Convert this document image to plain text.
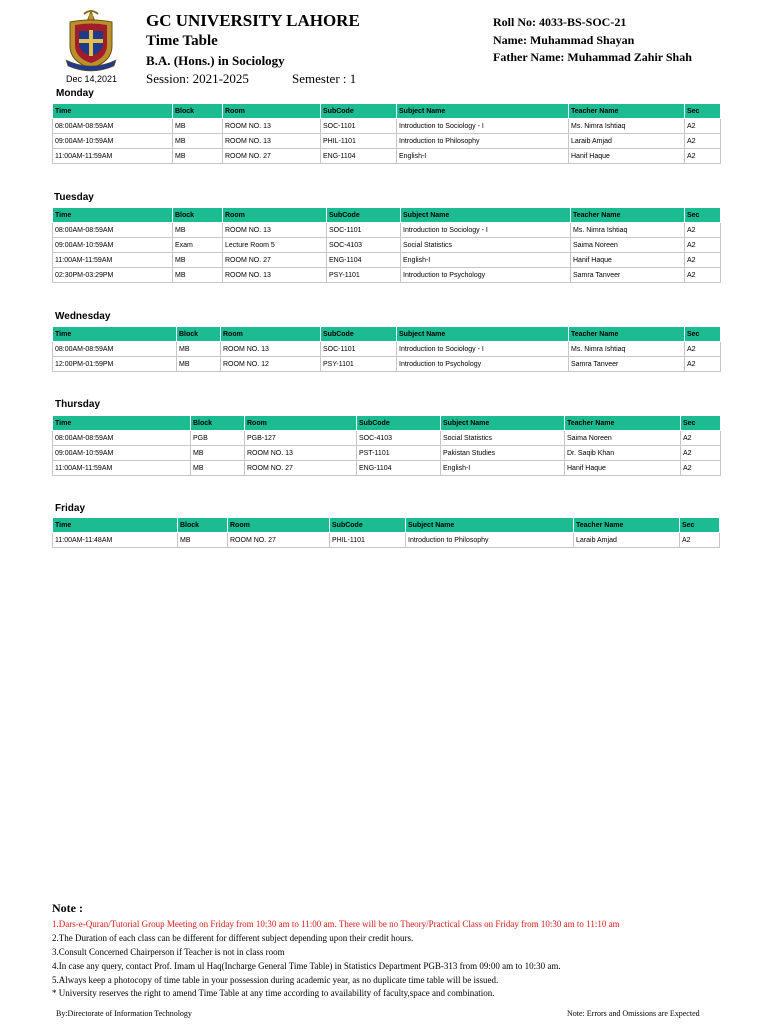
Dec 14,2021
GC UNIVERSITY LAHORE
Time Table
B.A. (Hons.) in Sociology
Session: 2021-2025	Semester : 1
Roll No: 4033-BS-SOC-21
Name: Muhammad Shayan
Father Name: Muhammad Zahir Shah
Monday
Time	Block	Room	SubCode	Subject Name	Teacher Name	Sec
08:00AM-08:59AM	MB	ROOM NO. 13	SOC-1101	Introduction to Sociology - I	Ms. Nimra Ishtiaq	A2
09:00AM-10:59AM	MB	ROOM NO. 13	PHIL-1101	Introduction to Philosophy	Laraib Amjad	A2
11:00AM-11:59AM	MB	ROOM NO. 27	ENG-1104	English-I	Hanif Haque	A2
Tuesday
Time	Block	Room	SubCode	Subject Name	Teacher Name	Sec
08:00AM-08:59AM	MB	ROOM NO. 13	SOC-1101	Introduction to Sociology - I	Ms. Nimra Ishtiaq	A2
09:00AM-10:59AM	Exam	Lecture Room 5	SOC-4103	Social Statistics	Saima Noreen	A2
11:00AM-11:59AM	MB	ROOM NO. 27	ENG-1104	English-I	Hanif Haque	A2
02:30PM-03:29PM	MB	ROOM NO. 13	PSY-1101	Introduction to Psychology	Samra Tanveer	A2
Wednesday
Time	Block	Room	SubCode	Subject Name	Teacher Name	Sec
08:00AM-08:59AM	MB	ROOM NO. 13	SOC-1101	Introduction to Sociology - I	Ms. Nimra Ishtiaq	A2
12:00PM-01:59PM	MB	ROOM NO. 12	PSY-1101	Introduction to Psychology	Samra Tanveer	A2
Thursday
Time	Block	Room	SubCode	Subject Name	Teacher Name	Sec
08:00AM-08:59AM	PGB	PGB-127	SOC-4103	Social Statistics	Saima Noreen	A2
09:00AM-10:59AM	MB	ROOM NO. 13	PST-1101	Pakistan Studies	Dr. Saqib Khan	A2
11:00AM-11:59AM	MB	ROOM NO. 27	ENG-1104	English-I	Hanif Haque	A2
Friday
Time	Block	Room	SubCode	Subject Name	Teacher Name	Sec
11:00AM-11:48AM	MB	ROOM NO. 27	PHIL-1101	Introduction to Philosophy	Laraib Amjad	A2
Note :
1.Dars-e-Quran/Tutorial Group Meeting on Friday from 10:30 am to 11:00 am. There will be no Theory/Practical Class on Friday from 10:30 am to 11:10 am
2.The Duration of each class can be different for different subject depending upon their credit hours.
3.Consult Concerned Chairperson if Teacher is not in class room
4.In case any query, contact Prof. Imam ul Haq(Incharge General Time Table) in Statistics Department PGB-313 from 09:00 am to 10:30 am.
5.Always keep a photocopy of time table in your possession during academic year, as no duplicate time table will be issued.
* University reserves the right to amend Time Table at any time according to availability of faculty,space and combination.
By:Directorate of Information Technology	Note: Errors and Omissions are Expected
